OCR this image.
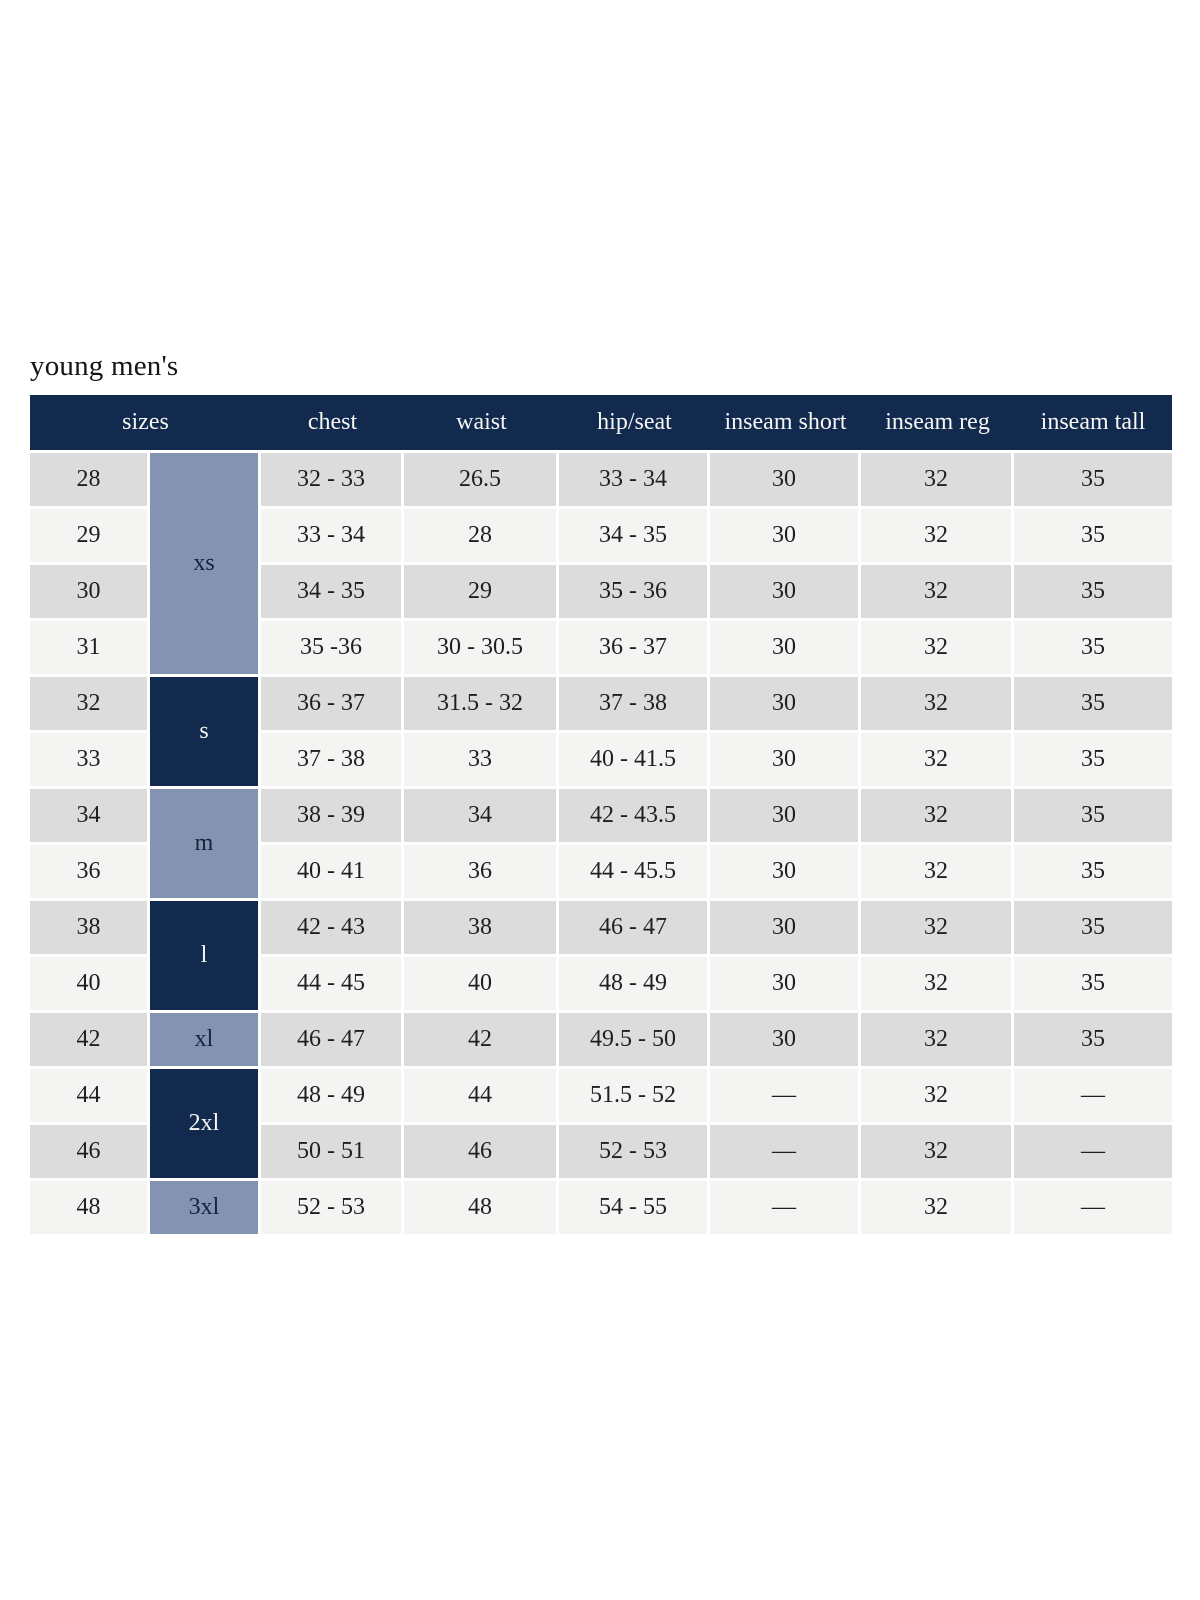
young men's
sizes		chest	waist	hip/seat	inseam short	inseam reg	inseam tall
28	xs	32 - 33	26.5	33 - 34	30	32	35
29		33 - 34	28	34 - 35	30	32	35
30		34 - 35	29	35 - 36	30	32	35
31		35 -36	30 - 30.5	36 - 37	30	32	35
32	s	36 - 37	31.5 - 32	37 - 38	30	32	35
33		37 - 38	33	40 - 41.5	30	32	35
34	m	38 - 39	34	42 - 43.5	30	32	35
36		40 - 41	36	44 - 45.5	30	32	35
38	l	42 - 43	38	46 - 47	30	32	35
40		44 - 45	40	48 - 49	30	32	35
42	xl	46 - 47	42	49.5 - 50	30	32	35
44	2xl	48 - 49	44	51.5 - 52	—	32	—
46		50 - 51	46	52 - 53	—	32	—
48	3xl	52 - 53	48	54 - 55	—	32	—
